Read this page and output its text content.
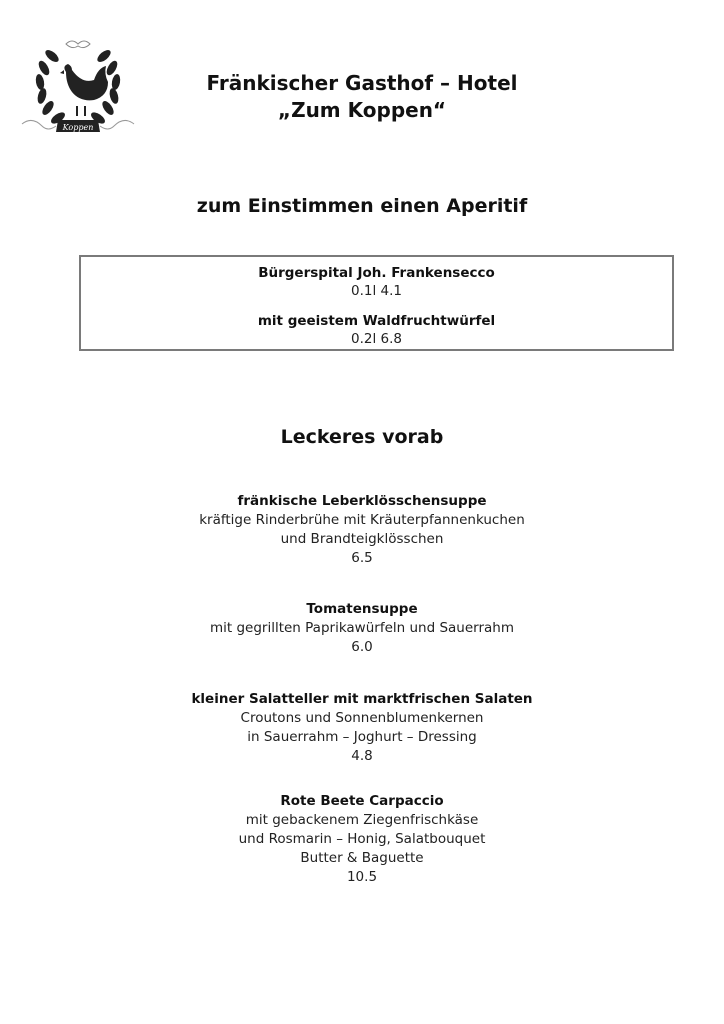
Koppen
Fränkischer Gasthof – Hotel
„Zum Koppen“
zum Einstimmen einen Aperitif
Bürgerspital Joh. Frankensecco
0.1l 4.1
mit geeistem Waldfruchtwürfel
0.2l 6.8
Leckeres vorab
fränkische Leberklösschensuppe
kräftige Rinderbrühe mit Kräuterpfannenkuchen
und Brandteigklösschen
6.5
Tomatensuppe
mit gegrillten Paprikawürfeln und Sauerrahm
6.0
kleiner Salatteller mit marktfrischen Salaten
Croutons und Sonnenblumenkernen
in Sauerrahm – Joghurt – Dressing
4.8
Rote Beete Carpaccio
mit gebackenem Ziegenfrischkäse
und Rosmarin – Honig, Salatbouquet
Butter & Baguette
10.5
